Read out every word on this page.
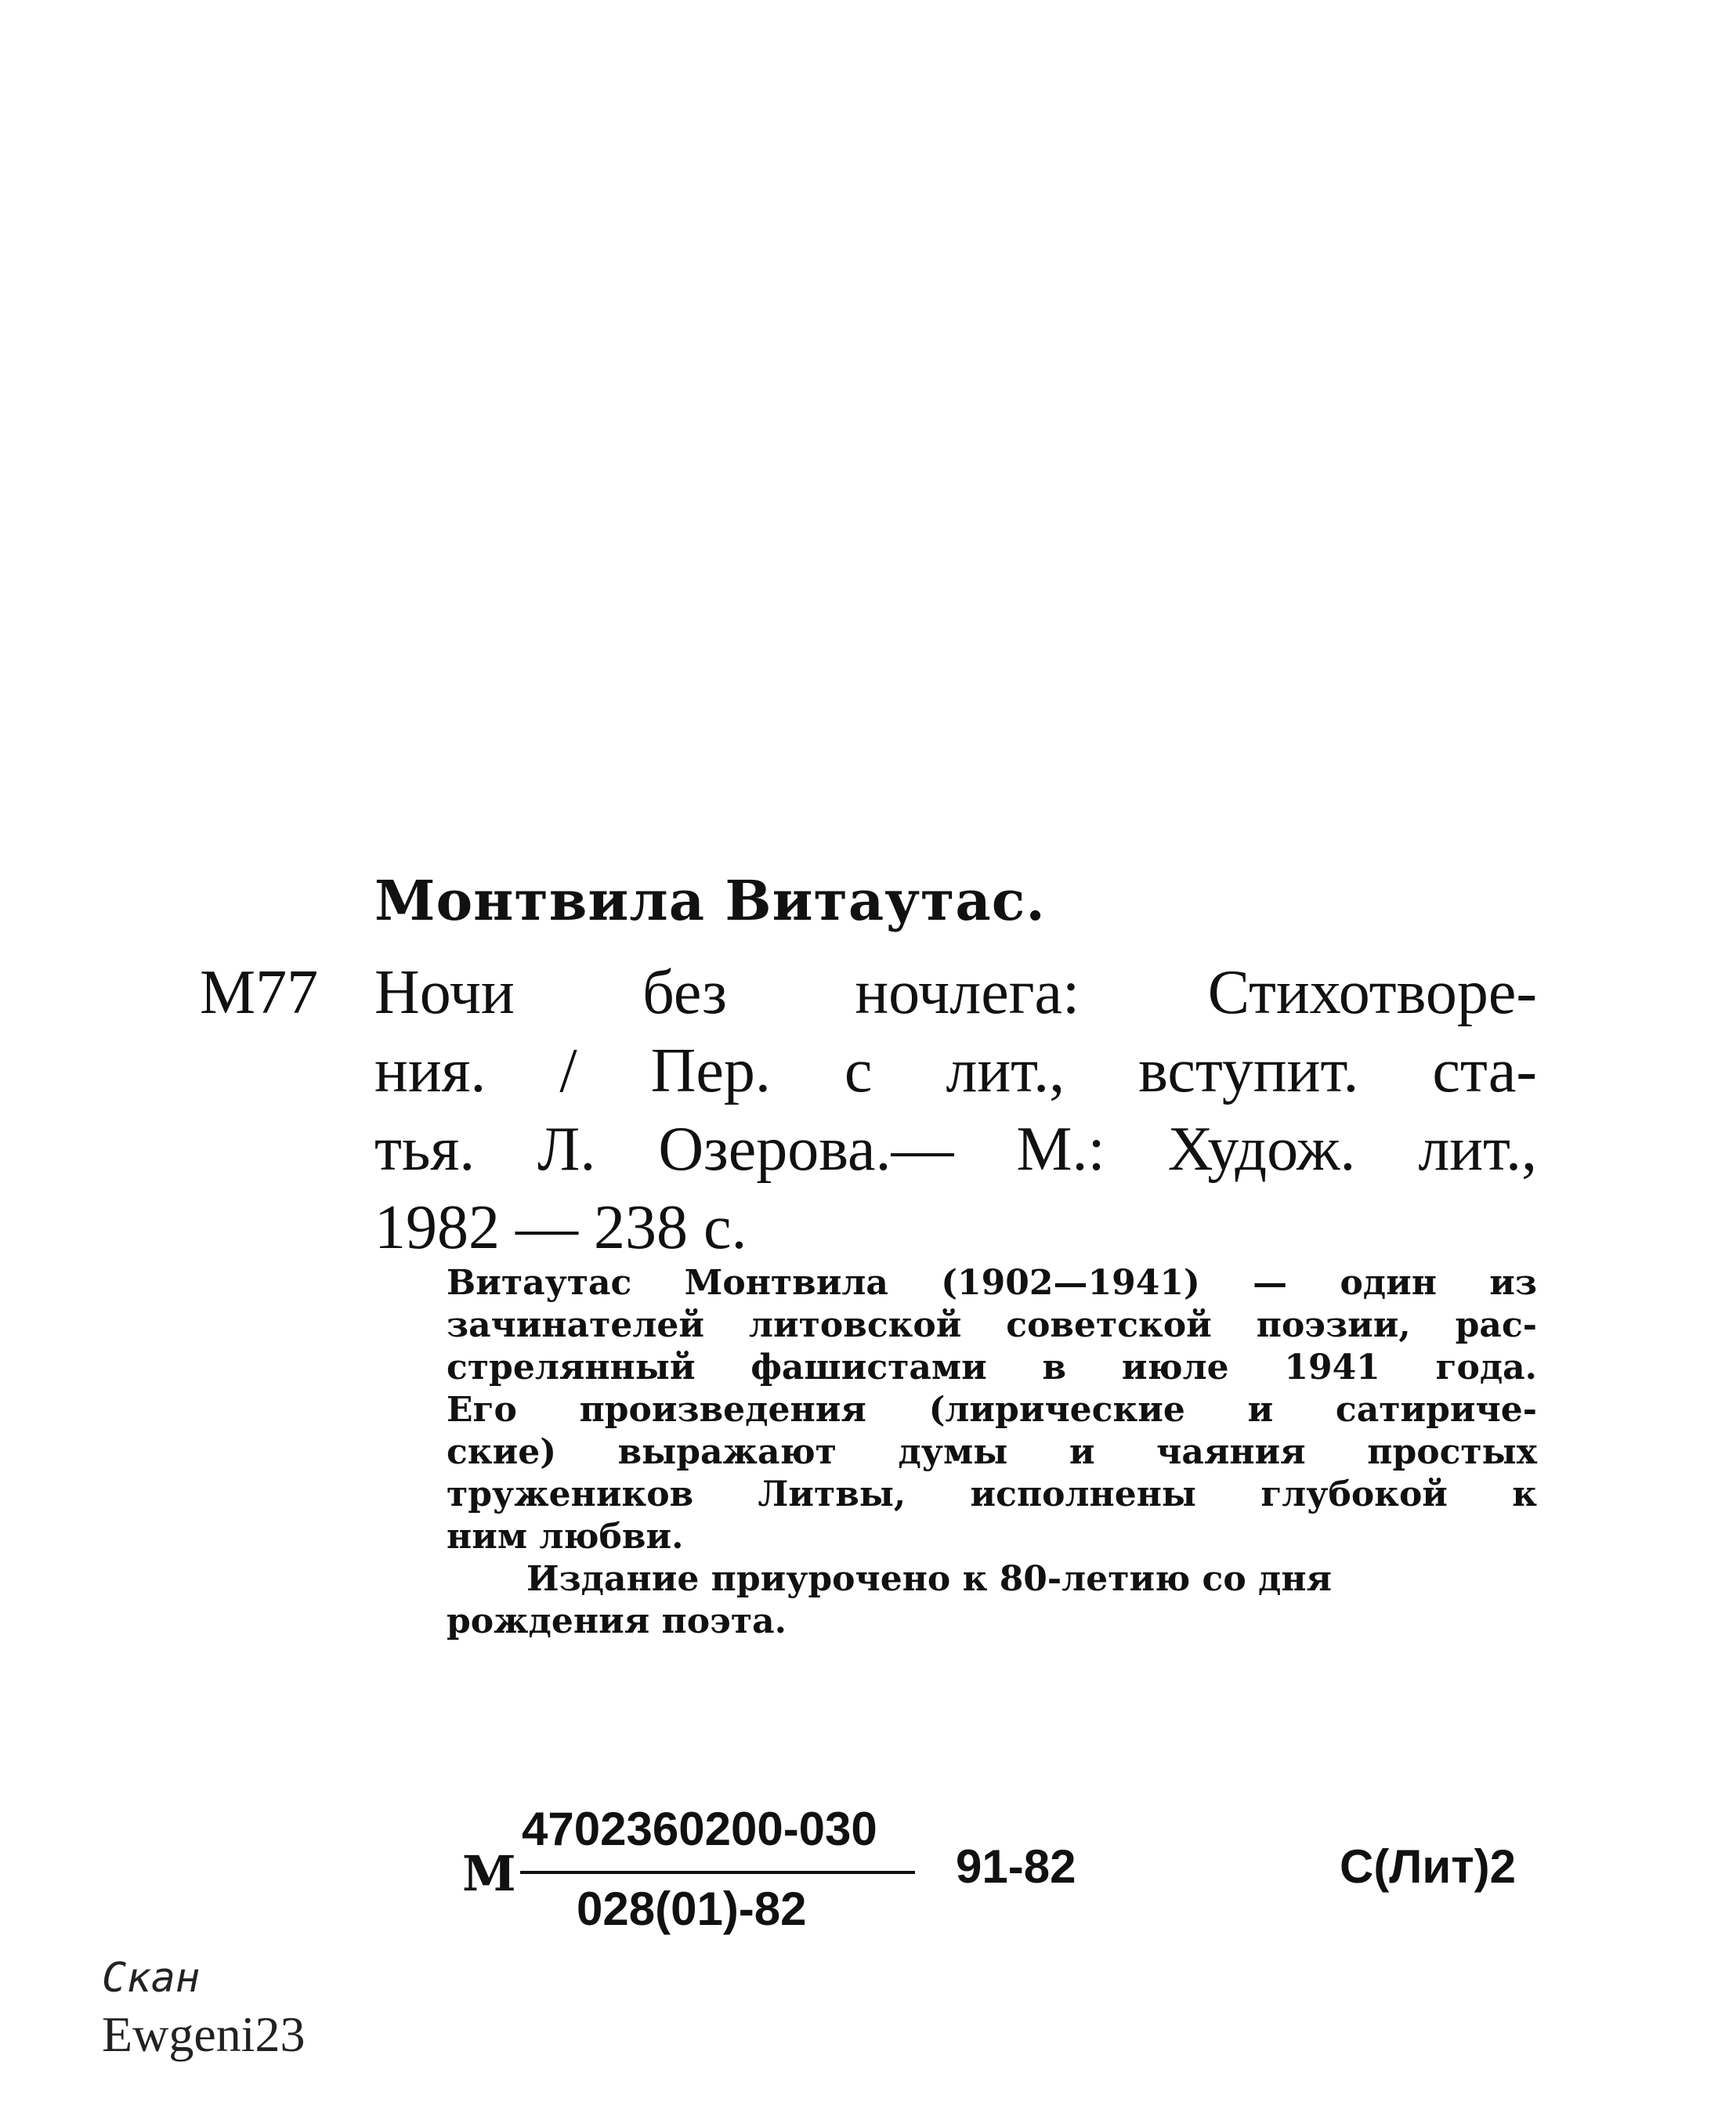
Монтвила Витаутас.
М77 Ночи без ночлега: Стихотворе-
ния. / Пер. с лит., вступит. ста-
тья. Л. Озерова.— М.: Худож. лит.,
1982 — 238 с.
Витаутас Монтвила (1902—1941) — один из
зачинателей литовской советской поэзии, рас-
стрелянный фашистами в июле 1941 года.
Его произведения (лирические и сатириче-
ские) выражают думы и чаяния простых
тружеников Литвы, исполнены глубокой к
ним любви.
Издание приурочено к 80-летию со дня
рождения поэта.
М
4702360200-030
028(01)-82
91-82	С(Лит)2
Скан
Ewgeni23
